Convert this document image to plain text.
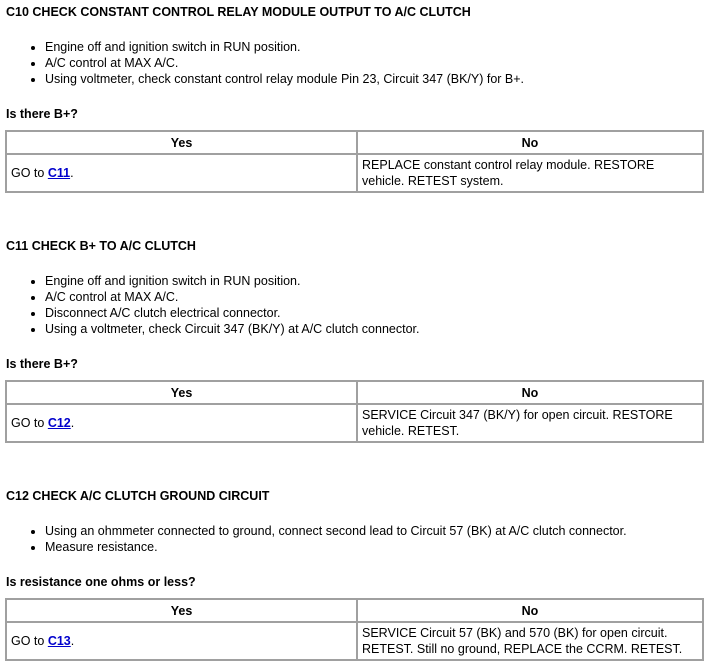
C10 CHECK CONSTANT CONTROL RELAY MODULE OUTPUT TO A/C CLUTCH
• Engine off and ignition switch in RUN position.
• A/C control at MAX A/C.
• Using voltmeter, check constant control relay module Pin 23, Circuit 347 (BK/Y) for B+.
Is there B+?
Yes	No
GO to C11.	REPLACE constant control relay module. RESTORE
vehicle. RETEST system.
C11 CHECK B+ TO A/C CLUTCH
• Engine off and ignition switch in RUN position.
• A/C control at MAX A/C.
• Disconnect A/C clutch electrical connector.
• Using a voltmeter, check Circuit 347 (BK/Y) at A/C clutch connector.
Is there B+?
Yes	No
GO to C12.	SERVICE Circuit 347 (BK/Y) for open circuit. RESTORE
vehicle. RETEST.
C12 CHECK A/C CLUTCH GROUND CIRCUIT
• Using an ohmmeter connected to ground, connect second lead to Circuit 57 (BK) at A/C clutch connector.
• Measure resistance.
Is resistance one ohms or less?
Yes	No
GO to C13.	SERVICE Circuit 57 (BK) and 570 (BK) for open circuit.
RETEST. Still no ground, REPLACE the CCRM. RETEST.
